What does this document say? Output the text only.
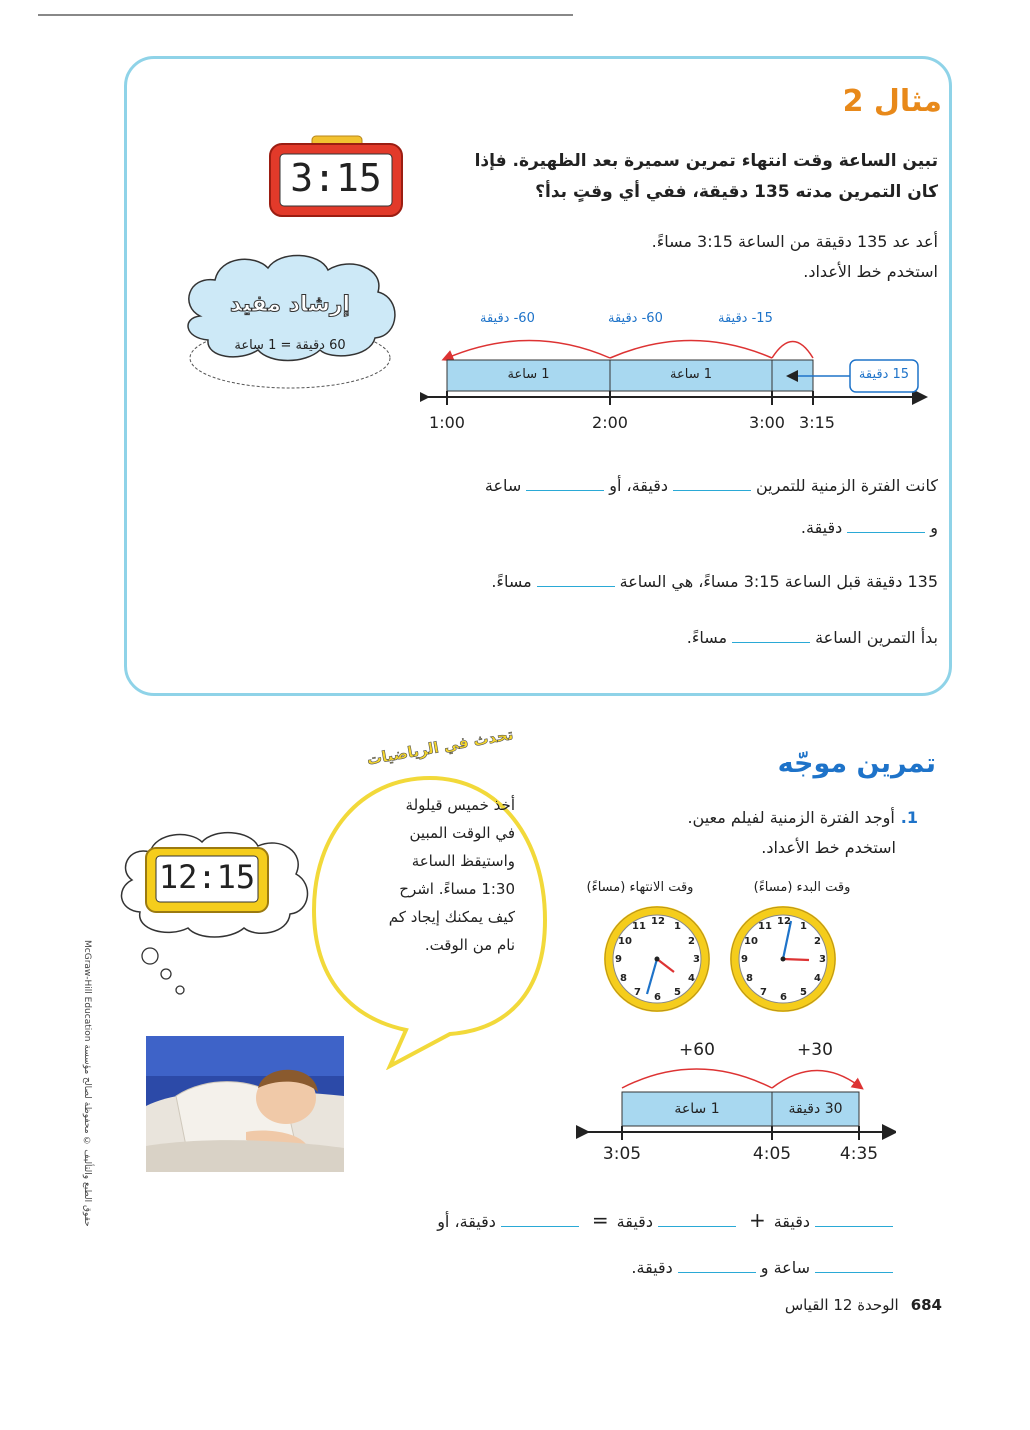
مثال 2
تبين الساعة وقت انتهاء تمرين سميرة بعد الظهيرة. فإذا كان التمرين مدته 135 دقيقة، ففي أي وقتٍ بدأ؟
3:15
إرشاد مفيد
60 دقيقة = 1 ساعة
أعد عد 135 دقيقة من الساعة 3:15 مساءً.
استخدم خط الأعداد.
60- دقيقة	60- دقيقة	15- دقيقة
1 ساعة	1 ساعة	15 دقيقة
1:00	2:00	3:00 3:15
كانت الفترة الزمنية للتمريندقيقة، أوساعة
ودقيقة.
135 دقيقة قبل الساعة 3:15 مساءً، هي الساعةمساءً.
بدأ التمرين الساعةمساءً.
تمرين موجّه
تحدث في الرياضيات
أخذ خميس قيلولة
في الوقت المبين
واستيقظ الساعة
1:30 مساءً. اشرح
كيف يمكنك إيجاد كم
نام من الوقت.
12:15
1.أوجد الفترة الزمنية لفيلم معين.
استخدم خط الأعداد.
وقت البدء (مساءً)
وقت الانتهاء (مساءً)
12 1
2
3
4
5
6
7
8
9
10
11
12 1
2
3
4
5
6
7
8
9
10
11
+60	+30
1 ساعة	30 دقيقة
3:05	4:05	4:35
دقيقة+دقيقة=دقيقة، أو
ساعة ودقيقة.
684الوحدة 12 القياس
McGraw-Hill Education حقوق الطبع والتأليف © محفوظة لصالح مؤسسة
